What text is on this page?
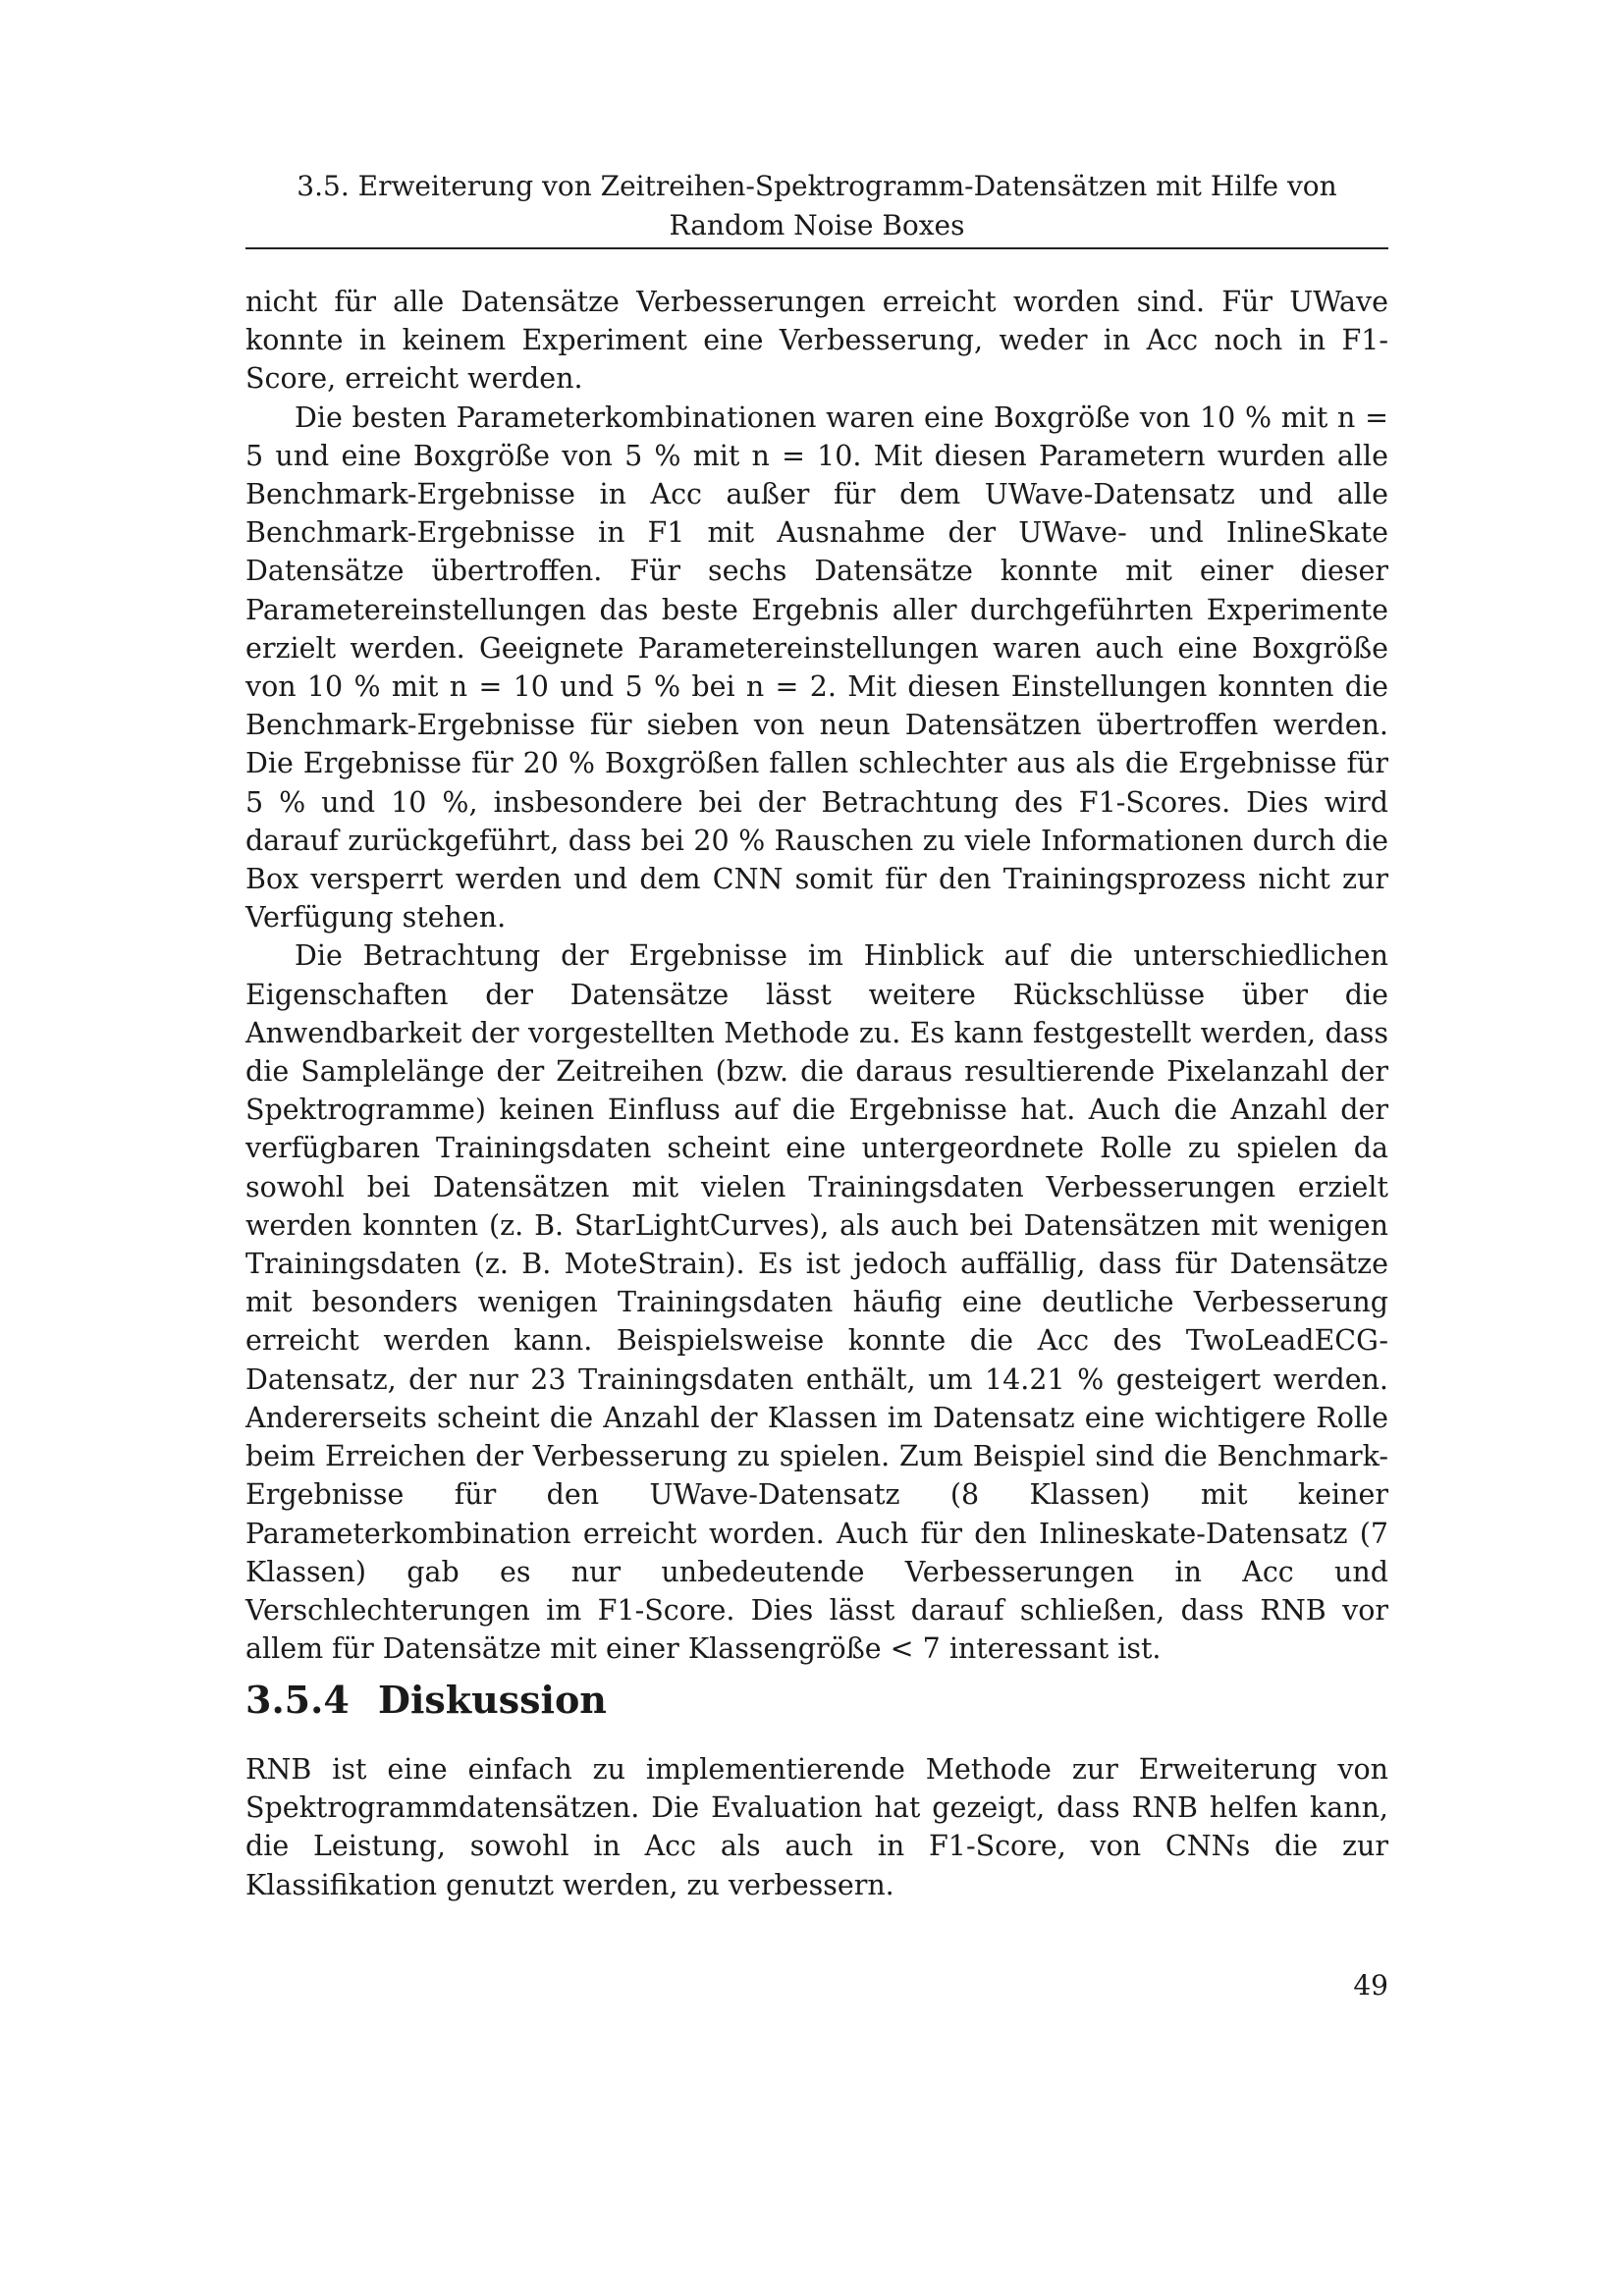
3.5. Erweiterung von Zeitreihen-Spektrogramm-Datensätzen mit Hilfe von
Random Noise Boxes

nicht für alle Datensätze Verbesserungen erreicht worden sind. Für UWave konnte in keinem Experiment eine Verbesserung, weder in Acc noch in F1-Score, erreicht werden.

Die besten Parameterkombinationen waren eine Boxgröße von 10 % mit n = 5 und eine Boxgröße von 5 % mit n = 10. Mit diesen Parametern wurden alle Benchmark-Ergebnisse in Acc außer für dem UWave-Datensatz und alle Benchmark-Ergebnisse in F1 mit Ausnahme der UWave- und InlineSkate Datensätze übertroffen. Für sechs Datensätze konnte mit einer dieser Parametereinstellungen das beste Ergebnis aller durchgeführten Experimente erzielt werden. Geeignete Parametereinstellungen waren auch eine Boxgröße von 10 % mit n = 10 und 5 % bei n = 2. Mit diesen Einstellungen konnten die Benchmark-Ergebnisse für sieben von neun Datensätzen übertroffen werden. Die Ergebnisse für 20 % Boxgrößen fallen schlechter aus als die Ergebnisse für 5 % und 10 %, insbesondere bei der Betrachtung des F1-Scores. Dies wird darauf zurückgeführt, dass bei 20 % Rauschen zu viele Informationen durch die Box versperrt werden und dem CNN somit für den Trainingsprozess nicht zur Verfügung stehen.

Die Betrachtung der Ergebnisse im Hinblick auf die unterschiedlichen Eigenschaften der Datensätze lässt weitere Rückschlüsse über die Anwendbarkeit der vorgestellten Methode zu. Es kann festgestellt werden, dass die Samplelänge der Zeitreihen (bzw. die daraus resultierende Pixelanzahl der Spektrogramme) keinen Einfluss auf die Ergebnisse hat. Auch die Anzahl der verfügbaren Trainingsdaten scheint eine untergeordnete Rolle zu spielen da sowohl bei Datensätzen mit vielen Trainingsdaten Verbesserungen erzielt werden konnten (z. B. StarLightCurves), als auch bei Datensätzen mit wenigen Trainingsdaten (z. B. MoteStrain). Es ist jedoch auffällig, dass für Datensätze mit besonders wenigen Trainingsdaten häufig eine deutliche Verbesserung erreicht werden kann. Beispielsweise konnte die Acc des TwoLeadECG-Datensatz, der nur 23 Trainingsdaten enthält, um 14.21 % gesteigert werden. Andererseits scheint die Anzahl der Klassen im Datensatz eine wichtigere Rolle beim Erreichen der Verbesserung zu spielen. Zum Beispiel sind die Benchmark-Ergebnisse für den UWave-Datensatz (8 Klassen) mit keiner Parameterkombination erreicht worden. Auch für den Inlineskate-Datensatz (7 Klassen) gab es nur unbedeutende Verbesserungen in Acc und Verschlechterungen im F1-Score. Dies lässt darauf schließen, dass RNB vor allem für Datensätze mit einer Klassengröße < 7 interessant ist.

3.5.4 Diskussion

RNB ist eine einfach zu implementierende Methode zur Erweiterung von Spektrogrammdatensätzen. Die Evaluation hat gezeigt, dass RNB helfen kann, die Leistung, sowohl in Acc als auch in F1-Score, von CNNs die zur Klassifikation genutzt werden, zu verbessern.

49
